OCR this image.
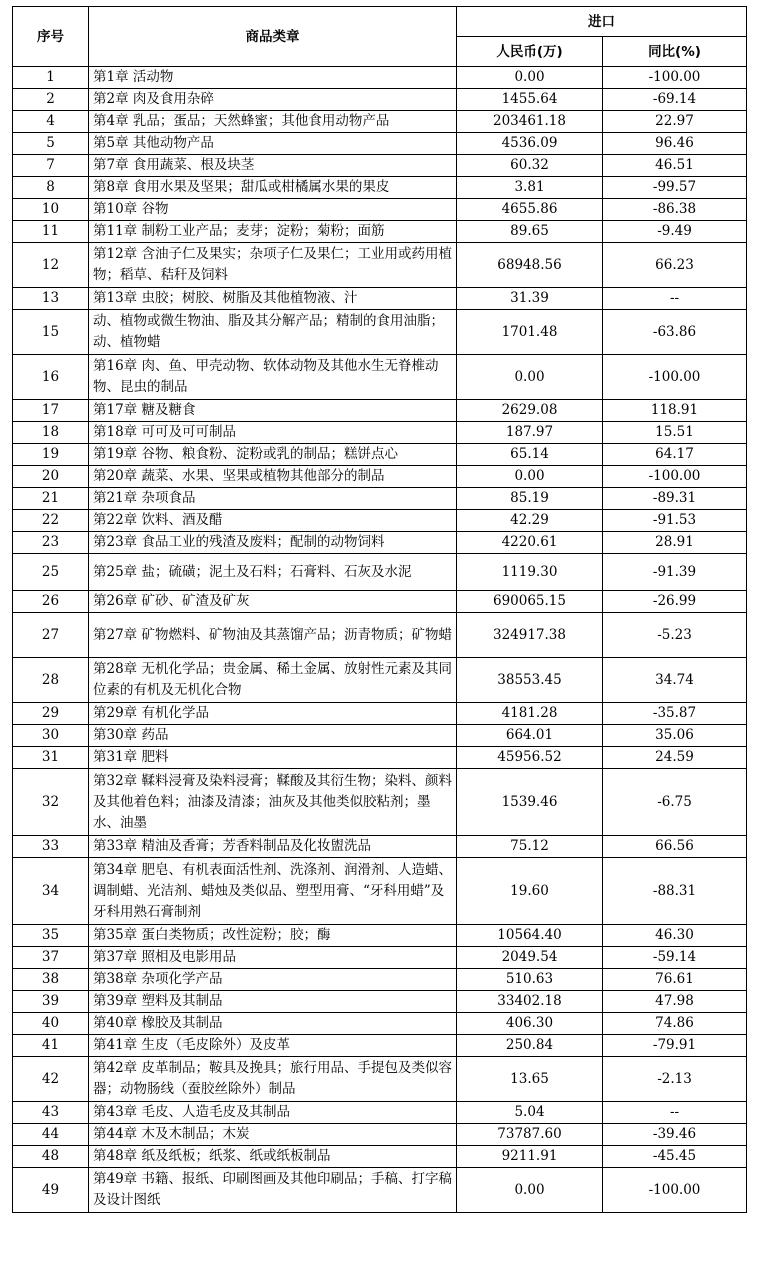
序号	商品类章	进口	
		人民币(万)	同比(%)
1	第1章 活动物	0.00	-100.00
2	第2章 肉及食用杂碎	1455.64	-69.14
4	第4章 乳品；蛋品；天然蜂蜜；其他食用动物产品	203461.18	22.97
5	第5章 其他动物产品	4536.09	96.46
7	第7章 食用蔬菜、根及块茎	60.32	46.51
8	第8章 食用水果及坚果；甜瓜或柑橘属水果的果皮	3.81	-99.57
10	第10章 谷物	4655.86	-86.38
11	第11章 制粉工业产品；麦芽；淀粉；菊粉；面筋	89.65	-9.49
12	第12章 含油子仁及果实；杂项子仁及果仁；工业用或药用植物；稻草、秸秆及饲料	68948.56	66.23
13	第13章 虫胶；树胶、树脂及其他植物液、汁	31.39	--
15	动、植物或微生物油、脂及其分解产品；精制的食用油脂；动、植物蜡	1701.48	-63.86
16	第16章 肉、鱼、甲壳动物、软体动物及其他水生无脊椎动物、昆虫的制品	0.00	-100.00
17	第17章 糖及糖食	2629.08	118.91
18	第18章 可可及可可制品	187.97	15.51
19	第19章 谷物、粮食粉、淀粉或乳的制品；糕饼点心	65.14	64.17
20	第20章 蔬菜、水果、坚果或植物其他部分的制品	0.00	-100.00
21	第21章 杂项食品	85.19	-89.31
22	第22章 饮料、酒及醋	42.29	-91.53
23	第23章 食品工业的残渣及废料；配制的动物饲料	4220.61	28.91
25	第25章 盐；硫磺；泥土及石料；石膏料、石灰及水泥	1119.30	-91.39
26	第26章 矿砂、矿渣及矿灰	690065.15	-26.99
27	第27章 矿物燃料、矿物油及其蒸馏产品；沥青物质；矿物蜡	324917.38	-5.23
28	第28章 无机化学品；贵金属、稀土金属、放射性元素及其同位素的有机及无机化合物	38553.45	34.74
29	第29章 有机化学品	4181.28	-35.87
30	第30章 药品	664.01	35.06
31	第31章 肥料	45956.52	24.59
32	第32章 鞣料浸膏及染料浸膏；鞣酸及其衍生物；染料、颜料及其他着色料；油漆及清漆；油灰及其他类似胶粘剂；墨水、油墨	1539.46	-6.75
33	第33章 精油及香膏；芳香料制品及化妆盥洗品	75.12	66.56
34	第34章 肥皂、有机表面活性剂、洗涤剂、润滑剂、人造蜡、调制蜡、光洁剂、蜡烛及类似品、塑型用膏、“牙科用蜡”及牙科用熟石膏制剂	19.60	-88.31
35	第35章 蛋白类物质；改性淀粉；胶；酶	10564.40	46.30
37	第37章 照相及电影用品	2049.54	-59.14
38	第38章 杂项化学产品	510.63	76.61
39	第39章 塑料及其制品	33402.18	47.98
40	第40章 橡胶及其制品	406.30	74.86
41	第41章 生皮（毛皮除外）及皮革	250.84	-79.91
42	第42章 皮革制品；鞍具及挽具；旅行用品、手提包及类似容器；动物肠线（蚕胶丝除外）制品	13.65	-2.13
43	第43章 毛皮、人造毛皮及其制品	5.04	--
44	第44章 木及木制品；木炭	73787.60	-39.46
48	第48章 纸及纸板；纸浆、纸或纸板制品	9211.91	-45.45
49	第49章 书籍、报纸、印刷图画及其他印刷品；手稿、打字稿及设计图纸	0.00	-100.00
